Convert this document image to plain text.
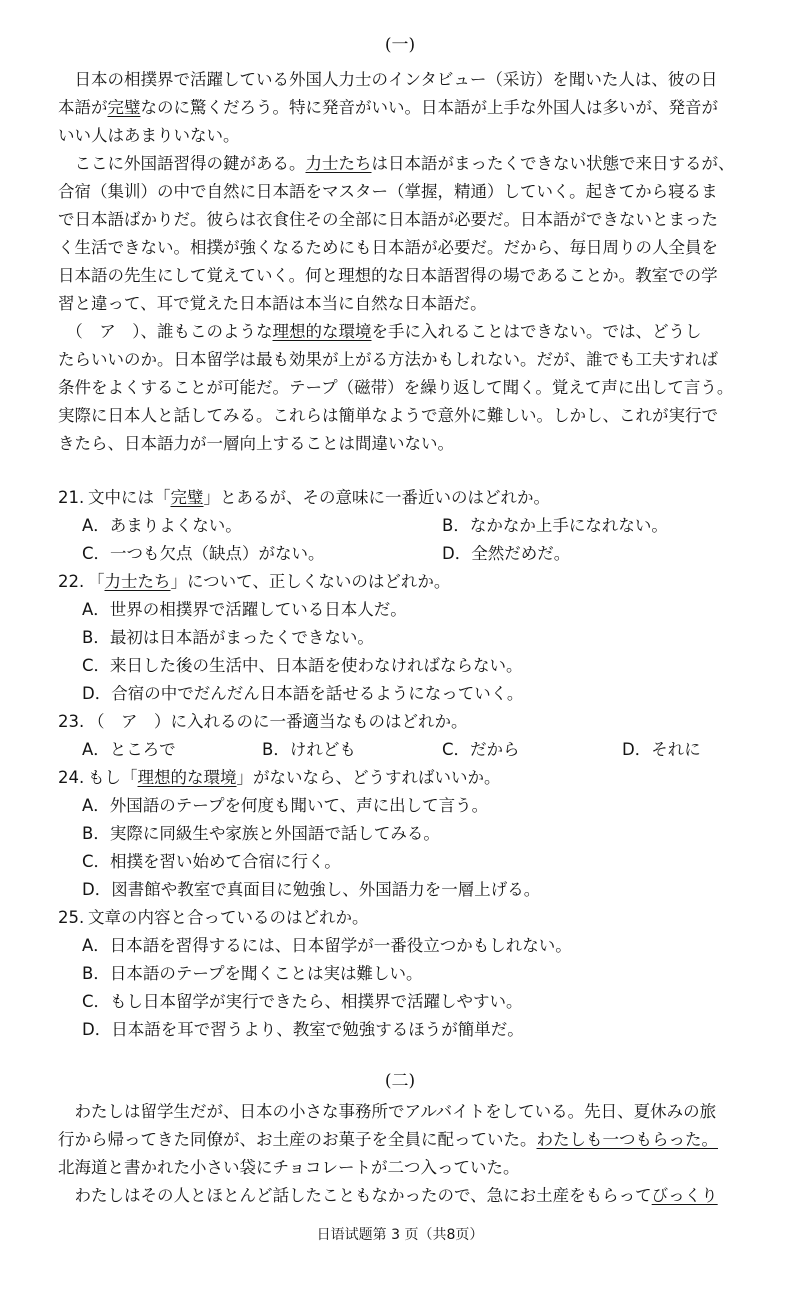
(一)
　日本の相撲界で活躍している外国人力士のインタビュー（采访）を聞いた人は、彼の日
本語が完璧なのに驚くだろう。特に発音がいい。日本語が上手な外国人は多いが、発音が
いい人はあまりいない。
　ここに外国語習得の鍵がある。力士たちは日本語がまったくできない状態で来日するが、
合宿（集训）の中で自然に日本語をマスター（掌握，精通）していく。起きてから寝るま
で日本語ばかりだ。彼らは衣食住その全部に日本語が必要だ。日本語ができないとまった
く生活できない。相撲が強くなるためにも日本語が必要だ。だから、毎日周りの人全員を
日本語の先生にして覚えていく。何と理想的な日本語習得の場であることか。教室での学
習と違って、耳で覚えた日本語は本当に自然な日本語だ。
　（　ア　）、誰もこのような理想的な環境を手に入れることはできない。では、どうし
たらいいのか。日本留学は最も効果が上がる方法かもしれない。だが、誰でも工夫すれば
条件をよくすることが可能だ。テープ（磁带）を繰り返して聞く。覚えて声に出して言う。
実際に日本人と話してみる。これらは簡単なようで意外に難しい。しかし、これが実行で
きたら、日本語力が一層向上することは間違いない。
21. 文中には「完璧」とあるが、その意味に一番近いのはどれか。
A．あまりよくない。	B．なかなか上手になれない。
C．一つも欠点（缺点）がない。	D．全然だめだ。
22. 「力士たち」について、正しくないのはどれか。
A．世界の相撲界で活躍している日本人だ。
B．最初は日本語がまったくできない。
C．来日した後の生活中、日本語を使わなければならない。
D．合宿の中でだんだん日本語を話せるようになっていく。
23. （　ア　）に入れるのに一番適当なものはどれか。
A．ところで	B．けれども	C．だから	D．それに
24. もし「理想的な環境」がないなら、どうすればいいか。
A．外国語のテープを何度も聞いて、声に出して言う。
B．実際に同級生や家族と外国語で話してみる。
C．相撲を習い始めて合宿に行く。
D．図書館や教室で真面目に勉強し、外国語力を一層上げる。
25. 文章の内容と合っているのはどれか。
A．日本語を習得するには、日本留学が一番役立つかもしれない。
B．日本語のテープを聞くことは実は難しい。
C．もし日本留学が実行できたら、相撲界で活躍しやすい。
D．日本語を耳で習うより、教室で勉強するほうが簡単だ。
(二)
　わたしは留学生だが、日本の小さな事務所でアルバイトをしている。先日、夏休みの旅
行から帰ってきた同僚が、お土産のお菓子を全員に配っていた。わたしも一つもらった。
北海道と書かれた小さい袋にチョコレートが二つ入っていた。
　わたしはその人とほとんど話したこともなかったので、急にお土産をもらってびっくり
日语试题第 3 页（共8页）
